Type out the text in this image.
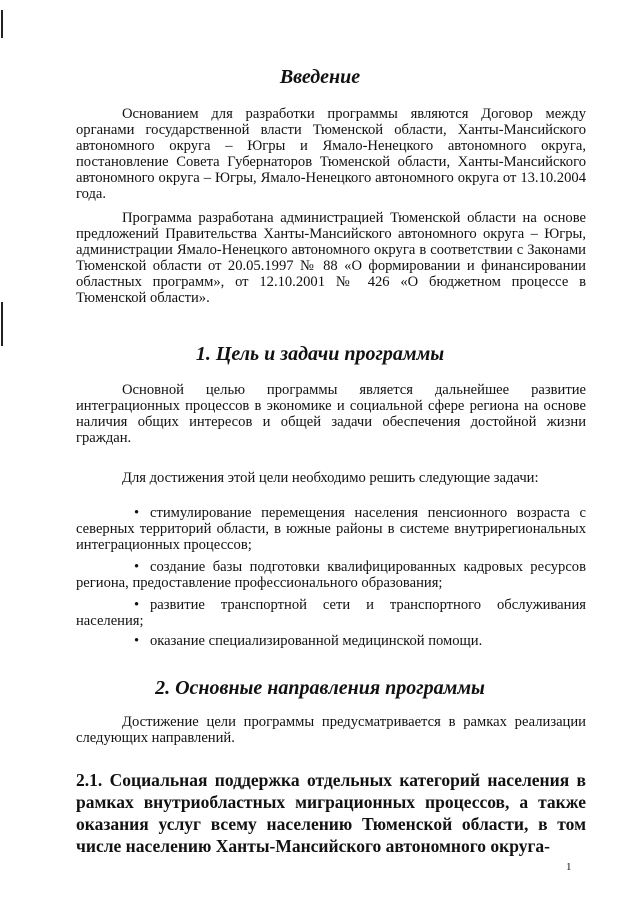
Введение

Основанием для разработки программы являются Договор между органами государственной власти Тюменской области, Ханты-Мансийского автономного округа – Югры и Ямало-Ненецкого автономного округа, постановление Совета Губернаторов Тюменской области, Ханты-Мансийского автономного округа – Югры, Ямало-Ненецкого автономного округа от 13.10.2004 года.

Программа разработана администрацией Тюменской области на основе предложений Правительства Ханты-Мансийского автономного округа – Югры, администрации Ямало-Ненецкого автономного округа в соответствии с Законами Тюменской области от 20.05.1997 № 88 «О формировании и финансировании областных программ», от 12.10.2001 № 426 «О бюджетном процессе в Тюменской области».

1. Цель и задачи программы

Основной целью программы является дальнейшее развитие интеграционных процессов в экономике и социальной сфере региона на основе наличия общих интересов и общей задачи обеспечения достойной жизни граждан.

Для достижения этой цели необходимо решить следующие задачи:

• стимулирование перемещения населения пенсионного возраста с северных территорий области, в южные районы в системе внутрирегиональных интеграционных процессов;

• создание базы подготовки квалифицированных кадровых ресурсов региона, предоставление профессионального образования;

• развитие транспортной сети и транспортного обслуживания населения;

• оказание специализированной медицинской помощи.

2. Основные направления программы

Достижение цели программы предусматривается в рамках реализации следующих направлений.

2.1. Социальная поддержка отдельных категорий населения в рамках внутриобластных миграционных процессов, а также оказания услуг всему населению Тюменской области, в том числе населению Ханты-Мансийского автономного округа-

1
